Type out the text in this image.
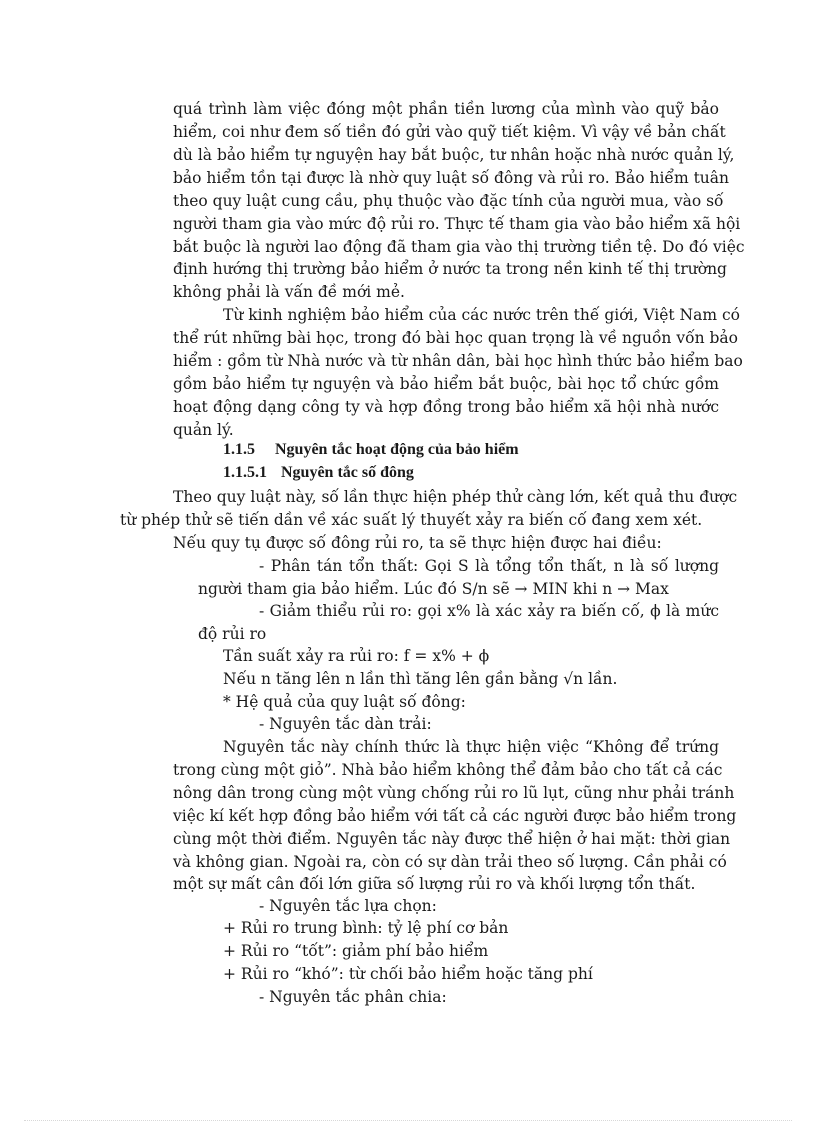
quá trình làm việc đóng một phần tiền lương của mình vào quỹ bảo
hiểm, coi như đem số tiền đó gửi vào quỹ tiết kiệm. Vì vậy về bản chất
dù là bảo hiểm tự nguyện hay bắt buộc, tư nhân hoặc nhà nước quản lý,
bảo hiểm tồn tại được là nhờ quy luật số đông và rủi ro. Bảo hiểm tuân
theo quy luật cung cầu, phụ thuộc vào đặc tính của người mua, vào số
người tham gia vào mức độ rủi ro. Thực tế tham gia vào bảo hiểm xã hội
bắt buộc là người lao động đã tham gia vào thị trường tiền tệ. Do đó việc
định hướng thị trường bảo hiểm ở nước ta trong nền kinh tế thị trường
không phải là vấn đề mới mẻ.
Từ kinh nghiệm bảo hiểm của các nước trên thế giới, Việt Nam có
thể rút những bài học, trong đó bài học quan trọng là về nguồn vốn bảo
hiểm : gồm từ Nhà nước và từ nhân dân, bài học hình thức bảo hiểm bao
gồm bảo hiểm tự nguyện và bảo hiểm bắt buộc, bài học tổ chức gồm
hoạt động dạng công ty và hợp đồng trong bảo hiểm xã hội nhà nước
quản lý.
1.1.5 Nguyên tắc hoạt động của bảo hiểm
1.1.5.1 Nguyên tắc số đông
Theo quy luật này, số lần thực hiện phép thử càng lớn, kết quả thu được
từ phép thử sẽ tiến dần về xác suất lý thuyết xảy ra biến cố đang xem xét.
Nếu quy tụ được số đông rủi ro, ta sẽ thực hiện được hai điều:
- Phân tán tổn thất: Gọi S là tổng tổn thất, n là số lượng
người tham gia bảo hiểm. Lúc đó S/n sẽ → MIN khi n → Max
- Giảm thiểu rủi ro: gọi x% là xác xảy ra biến cố, ϕ là mức
độ rủi ro
Tần suất xảy ra rủi ro: f = x% + ϕ
Nếu n tăng lên n lần thì tăng lên gần bằng √n lần.
* Hệ quả của quy luật số đông:
- Nguyên tắc dàn trải:
Nguyên tắc này chính thức là thực hiện việc “Không để trứng
trong cùng một giỏ”. Nhà bảo hiểm không thể đảm bảo cho tất cả các
nông dân trong cùng một vùng chống rủi ro lũ lụt, cũng như phải tránh
việc kí kết hợp đồng bảo hiểm với tất cả các người được bảo hiểm trong
cùng một thời điểm. Nguyên tắc này được thể hiện ở hai mặt: thời gian
và không gian. Ngoài ra, còn có sự dàn trải theo số lượng. Cần phải có
một sự mất cân đối lớn giữa số lượng rủi ro và khối lượng tổn thất.
- Nguyên tắc lựa chọn:
+ Rủi ro trung bình: tỷ lệ phí cơ bản
+ Rủi ro “tốt”: giảm phí bảo hiểm
+ Rủi ro “khó”: từ chối bảo hiểm hoặc tăng phí
- Nguyên tắc phân chia:
